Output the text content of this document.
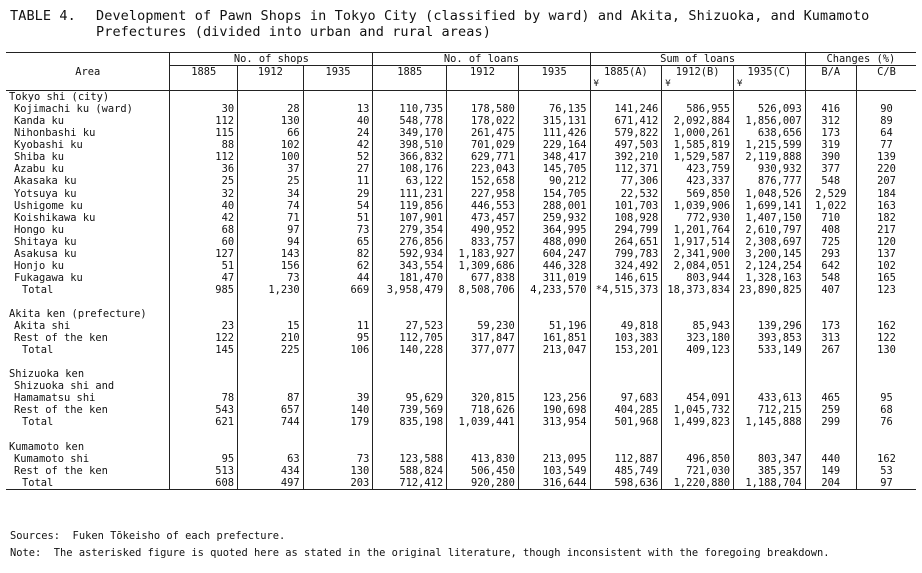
TABLE 4. Development of Pawn Shops in Tokyo City (classified by ward) and Akita, Shizuoka, and Kumamoto
Prefectures (divided into urban and rural areas)
Area	No. of shops			No. of loans			Sum of loans			Changes (%)	
	1885	1912	1935	1885	1912	1935	1885(A)	1912(B)	1935(C)	B/A	C/B
							¥	¥	¥		
Tokyo shi (city)											
Kojimachi ku (ward)	30	28	13	110,735	178,580	76,135	141,246	586,955	526,093	416	90
Kanda ku	112	130	40	548,778	178,022	315,131	671,412	2,092,884	1,856,007	312	89
Nihonbashi ku	115	66	24	349,170	261,475	111,426	579,822	1,000,261	638,656	173	64
Kyobashi ku	88	102	42	398,510	701,029	229,164	497,503	1,585,819	1,215,599	319	77
Shiba ku	112	100	52	366,832	629,771	348,417	392,210	1,529,587	2,119,888	390	139
Azabu ku	36	37	27	108,176	223,043	145,705	112,371	423,759	930,932	377	220
Akasaka ku	25	25	11	63,122	152,658	90,212	77,306	423,337	876,777	548	207
Yotsuya ku	32	34	29	111,231	227,958	154,705	22,532	569,850	1,048,526	2,529	184
Ushigome ku	40	74	54	119,856	446,553	288,001	101,703	1,039,906	1,699,141	1,022	163
Koishikawa ku	42	71	51	107,901	473,457	259,932	108,928	772,930	1,407,150	710	182
Hongo ku	68	97	73	279,354	490,952	364,995	294,799	1,201,764	2,610,797	408	217
Shitaya ku	60	94	65	276,856	833,757	488,090	264,651	1,917,514	2,308,697	725	120
Asakusa ku	127	143	82	592,934	1,183,927	604,247	799,783	2,341,900	3,200,145	293	137
Honjo ku	51	156	62	343,554	1,309,686	446,328	324,492	2,084,051	2,124,254	642	102
Fukagawa ku	47	73	44	181,470	677,838	311,019	146,615	803,944	1,328,163	548	165
Total	985	1,230	669	3,958,479	8,508,706	4,233,570	*4,515,373	18,373,834	23,890,825	407	123

Akita ken (prefecture)											
Akita shi	23	15	11	27,523	59,230	51,196	49,818	85,943	139,296	173	162
Rest of the ken	122	210	95	112,705	317,847	161,851	103,383	323,180	393,853	313	122
Total	145	225	106	140,228	377,077	213,047	153,201	409,123	533,149	267	130

Shizuoka ken											
Shizuoka shi and											
Hamamatsu shi	78	87	39	95,629	320,815	123,256	97,683	454,091	433,613	465	95
Rest of the ken	543	657	140	739,569	718,626	190,698	404,285	1,045,732	712,215	259	68
Total	621	744	179	835,198	1,039,441	313,954	501,968	1,499,823	1,145,888	299	76

Kumamoto ken											
Kumamoto shi	95	63	73	123,588	413,830	213,095	112,887	496,850	803,347	440	162
Rest of the ken	513	434	130	588,824	506,450	103,549	485,749	721,030	385,357	149	53
Total	608	497	203	712,412	920,280	316,644	598,636	1,220,880	1,188,704	204	97
Sources:  Fuken Tōkeisho of each prefecture.
Note:  The asterisked figure is quoted here as stated in the original literature, though inconsistent with the foregoing breakdown.
